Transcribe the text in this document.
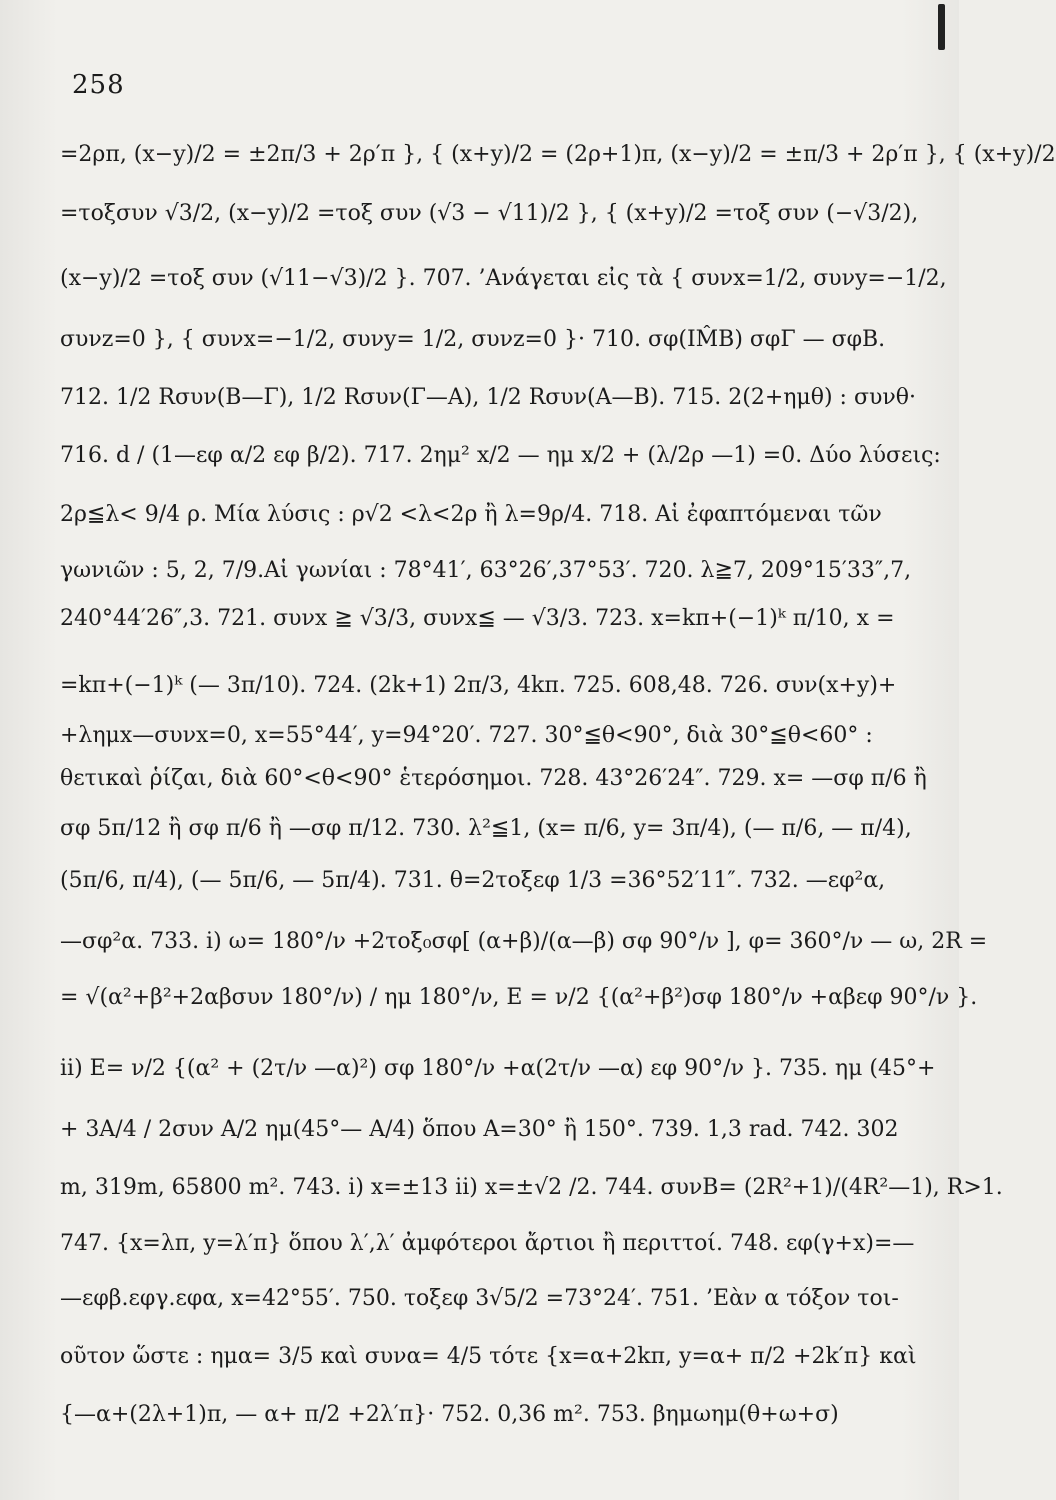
258
=2ρπ, (x−y)/2 = ±2π/3 + 2ρ′π }, { (x+y)/2 = (2ρ+1)π, (x−y)/2 = ±π/3 + 2ρ′π }, { (x+y)/2
=τοξσυν √3/2, (x−y)/2 =τοξ συν (√3 − √11)/2 }, { (x+y)/2 =τοξ συν (−√3/2),
(x−y)/2 =τοξ συν (√11−√3)/2 }. 707. ’Ανάγεται εἰς τὰ { συνx=1/2, συνy=−1/2,
συνz=0 }, { συνx=−1/2, συνy= 1/2, συνz=0 }· 710. σφ(IM̂B) σφΓ — σφB.
712. 1/2 Rσυν(B—Γ), 1/2 Rσυν(Γ—A), 1/2 Rσυν(A—B). 715. 2(2+ημθ) : συνθ·
716. d / (1—εφ α/2 εφ β/2). 717. 2ημ² x/2 — ημ x/2 + (λ/2ρ —1) =0. Δύο λύσεις:
2ρ≦λ< 9/4 ρ. Μία λύσις : ρ√2 <λ<2ρ ἢ λ=9ρ/4. 718. Αἱ ἐφαπτόμεναι τῶν
γωνιῶν : 5, 2, 7/9.Αἱ γωνίαι : 78°41′, 63°26′,37°53′. 720. λ≧7, 209°15′33″,7,
240°44′26″,3. 721. συνx ≧ √3/3, συνx≦ — √3/3. 723. x=kπ+(−1)ᵏ π/10, x =
=kπ+(−1)ᵏ (— 3π/10). 724. (2k+1) 2π/3, 4kπ. 725. 608,48. 726. συν(x+y)+
+λημx—συνx=0, x=55°44′, y=94°20′. 727. 30°≦θ<90°, διὰ 30°≦θ<60° :
θετικαὶ ῥίζαι, διὰ 60°<θ<90° ἑτερόσημοι. 728. 43°26′24″. 729. x= —σφ π/6 ἢ
σφ 5π/12 ἢ σφ π/6 ἢ —σφ π/12. 730. λ²≦1, (x= π/6, y= 3π/4), (— π/6, — π/4),
(5π/6, π/4), (— 5π/6, — 5π/4). 731. θ=2τοξεφ 1/3 =36°52′11″. 732. —εφ²α,
—σφ²α. 733. i) ω= 180°/ν +2τοξ₀σφ[ (α+β)/(α—β) σφ 90°/ν ], φ= 360°/ν — ω, 2R =
= √(α²+β²+2αβσυν 180°/ν) / ημ 180°/ν, E = ν/2 {(α²+β²)σφ 180°/ν +αβεφ 90°/ν }.
ii) E= ν/2 {(α² + (2τ/ν —α)²) σφ 180°/ν +α(2τ/ν —α) εφ 90°/ν }. 735. ημ (45°+
+ 3A/4 / 2συν A/2 ημ(45°— A/4) ὅπου A=30° ἢ 150°. 739. 1,3 rad. 742. 302
m, 319m, 65800 m². 743. i) x=±13 ii) x=±√2 /2. 744. συνB= (2R²+1)/(4R²—1), R>1.
747. {x=λπ, y=λ′π} ὅπου λ′,λ′ ἀμφότεροι ἄρτιοι ἢ περιττοί. 748. εφ(γ+x)=—
—εφβ.εφγ.εφα, x=42°55′. 750. τοξεφ 3√5/2 =73°24′. 751. ’Εὰν α τόξον τοι-
οῦτον ὥστε : ημα= 3/5 καὶ συνα= 4/5 τότε {x=α+2kπ, y=α+ π/2 +2k′π} καὶ
{—α+(2λ+1)π, — α+ π/2 +2λ′π}· 752. 0,36 m². 753. βημωημ(θ+ω+σ)
